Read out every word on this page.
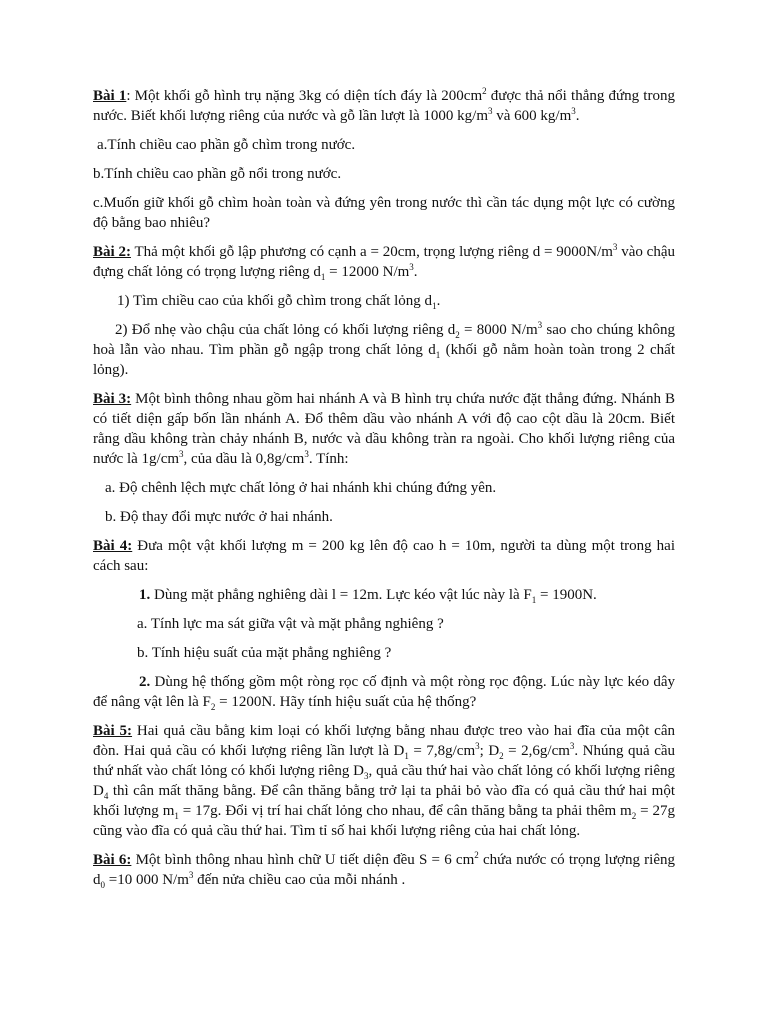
Bài 1: Một khối gỗ hình trụ nặng 3kg có diện tích đáy là $200cm^2$ được thả nổi thẳng đứng trong nước. Biết khối lượng riêng của nước và gỗ lần lượt là 1000 $kg/m^3$ và 600 $kg/m^3$.

a.Tính chiều cao phần gỗ chìm trong nước.

b.Tính chiều cao phần gỗ nổi trong nước.

c.Muốn giữ khối gỗ chìm hoàn toàn và đứng yên trong nước thì cần tác dụng một lực có cường độ bằng bao nhiêu?

Bài 2: Thả một khối gỗ lập phương có cạnh a = 20cm, trọng lượng riêng $d = 9000N/m^3$ vào chậu đựng chất lỏng có trọng lượng riêng $d_1 = 12000$ $N/m^3$.

1) Tìm chiều cao của khối gỗ chìm trong chất lỏng $d_1$.

2) Đổ nhẹ vào chậu của chất lỏng có khối lượng riêng $d_2 = 8000$ $N/m^3$ sao cho chúng không hoà lẫn vào nhau. Tìm phần gỗ ngập trong chất lỏng $d_1$ (khối gỗ nằm hoàn toàn trong 2 chất lỏng).

Bài 3: Một bình thông nhau gồm hai nhánh A và B hình trụ chứa nước đặt thẳng đứng. Nhánh B có tiết diện gấp bốn lần nhánh A. Đổ thêm dầu vào nhánh A với độ cao cột dầu là 20cm. Biết rằng dầu không tràn chảy nhánh B, nước và dầu không tràn ra ngoài. Cho khối lượng riêng của nước là $1g/cm^3$, của dầu là $0,8g/cm^3$. Tính:

a. Độ chênh lệch mực chất lỏng ở hai nhánh khi chúng đứng yên.

b. Độ thay đổi mực nước ở hai nhánh.

Bài 4: Đưa một vật khối lượng m = 200 kg lên độ cao h = 10m, người ta dùng một trong hai cách sau:

1. Dùng mặt phẳng nghiêng dài l = 12m. Lực kéo vật lúc này là $F_1 = 1900N$.

a. Tính lực ma sát giữa vật và mặt phẳng nghiêng ?

b. Tính hiệu suất của mặt phẳng nghiêng ?

2. Dùng hệ thống gồm một ròng rọc cố định và một ròng rọc động. Lúc này lực kéo dây để nâng vật lên là $F_2 = 1200N$. Hãy tính hiệu suất của hệ thống?

Bài 5: Hai quả cầu bằng kim loại có khối lượng bằng nhau được treo vào hai đĩa của một cân đòn. Hai quả cầu có khối lượng riêng lần lượt là $D_1 = 7,8g/cm^3$; $D_2 = 2,6g/cm^3$. Nhúng quả cầu thứ nhất vào chất lỏng có khối lượng riêng $D_3$, quả cầu thứ hai vào chất lỏng có khối lượng riêng $D_4$ thì cân mất thăng bằng. Để cân thăng bằng trở lại ta phải bỏ vào đĩa có quả cầu thứ hai một khối lượng $m_1 = 17g$. Đổi vị trí hai chất lỏng cho nhau, để cân thăng bằng ta phải thêm $m_2 = 27g$ cũng vào đĩa có quả cầu thứ hai. Tìm tỉ số hai khối lượng riêng của hai chất lỏng.

Bài 6: Một bình thông nhau hình chữ U tiết diện đều S = 6 $cm^2$ chứa nước có trọng lượng riêng $d_0 =10$ 000 $N/m^3$ đến nửa chiều cao của mỗi nhánh .
